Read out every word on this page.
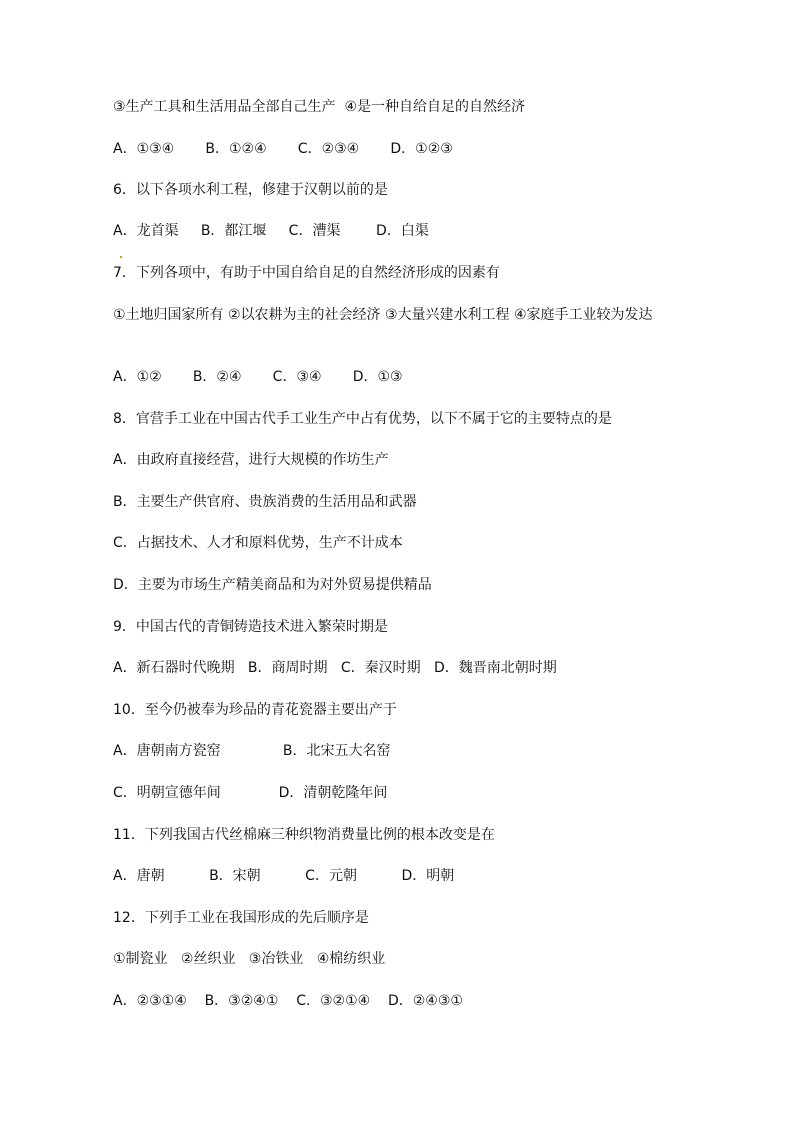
③生产工具和生活用品全部自己生产  ④是一种自给自足的自然经济
A．①③④       B．①②④       C．②③④       D．①②③
6．以下各项水利工程，修建于汉朝以前的是
A．龙首渠     B．都江堰     C．漕渠        D．白渠
7．下列各项中，有助于中国自给自足的自然经济形成的因素有
①土地归国家所有 ②以农耕为主的社会经济 ③大量兴建水利工程 ④家庭手工业较为发达
A．①②       B．②④       C．③④       D．①③
8．官营手工业在中国古代手工业生产中占有优势，以下不属于它的主要特点的是
A．由政府直接经营，进行大规模的作坊生产
B．主要生产供官府、贵族消费的生活用品和武器
C．占据技术、人才和原料优势，生产不计成本
D．主要为市场生产精美商品和为对外贸易提供精品
9．中国古代的青铜铸造技术进入繁荣时期是
A．新石器时代晚期   B．商周时期   C．秦汉时期   D．魏晋南北朝时期
10．至今仍被奉为珍品的青花瓷器主要出产于
A．唐朝南方瓷窑              B．北宋五大名窑
C．明朝宣德年间             D．清朝乾隆年间
11．下列我国古代丝棉麻三种织物消费量比例的根本改变是在
A．唐朝          B．宋朝          C．元朝          D．明朝
12．下列手工业在我国形成的先后顺序是
①制瓷业   ②丝织业   ③冶铁业   ④棉纺织业
A．②③①④    B．③②④①    C．③②①④    D．②④③①
